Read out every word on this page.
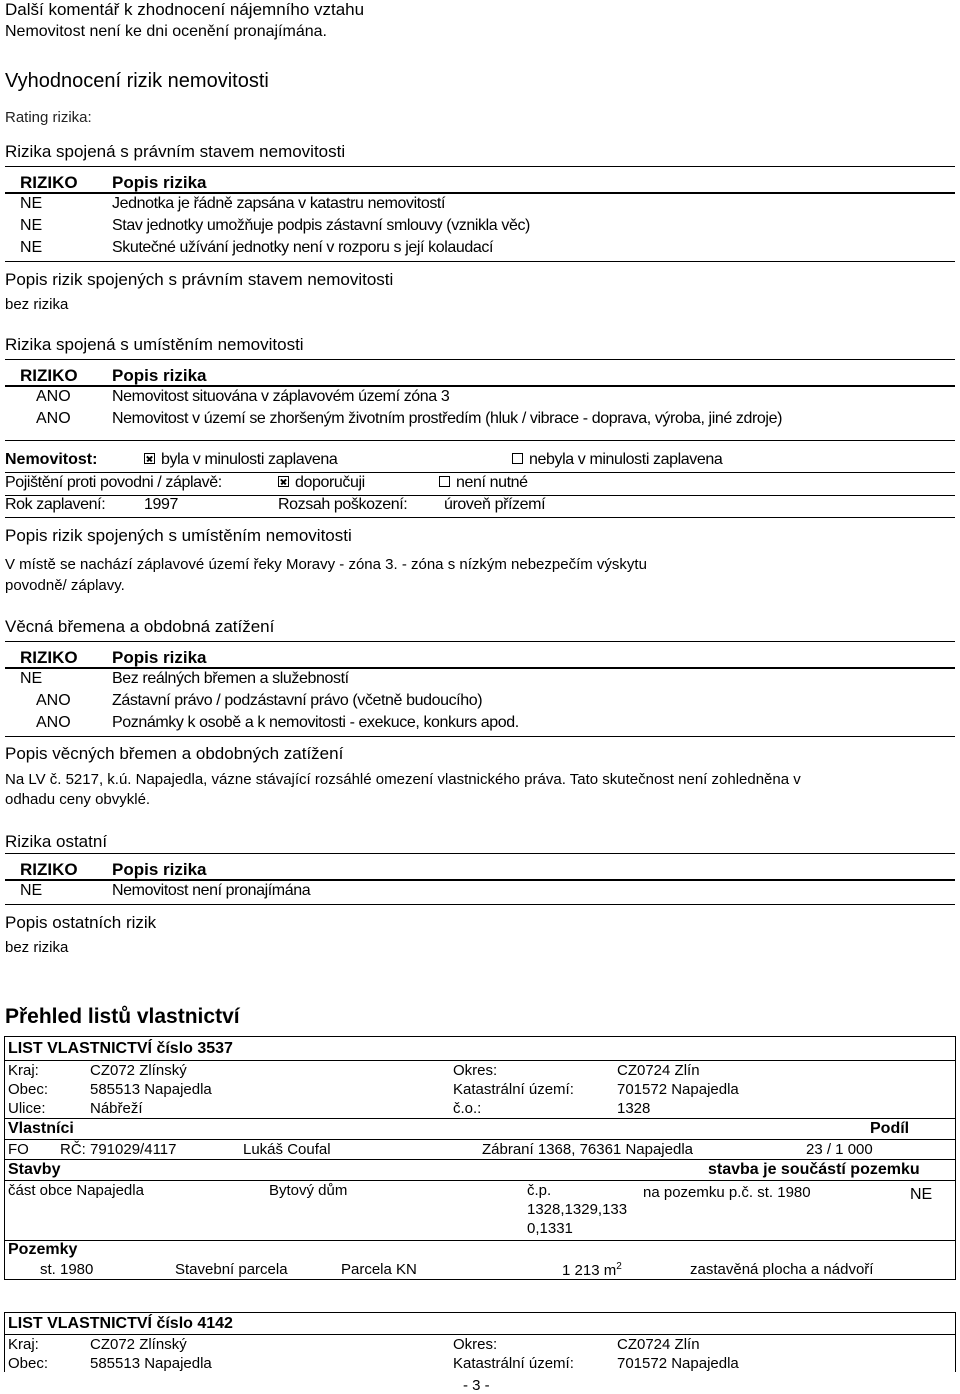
Další komentář k zhodnocení nájemního vztahu
Nemovitost není ke dni ocenění pronajímána.
Vyhodnocení rizik nemovitosti
Rating rizika:
Rizika spojená s právním stavem nemovitosti
RIZIKO Popis rizika
NE	Jednotka je řádně zapsána v katastru nemovitostí
NE	Stav jednotky umožňuje podpis zástavní smlouvy (vznikla věc)
NE	Skutečné užívání jednotky není v rozporu s její kolaudací
Popis rizik spojených s právním stavem nemovitosti
bez rizika
Rizika spojená s umístěním nemovitosti
RIZIKO Popis rizika
ANO	Nemovitost situována v záplavovém území zóna 3
ANO	Nemovitost v území se zhoršeným životním prostředím (hluk / vibrace - doprava, výroba, jiné zdroje)
Nemovitost:	byla v minulosti zaplavena	nebyla v minulosti zaplavena
Pojištění proti povodni / záplavě:	doporučuji	není nutné
Rok zaplavení: 1997	Rozsah poškození: úroveň přízemí
Popis rizik spojených s umístěním nemovitosti
V místě se nachází záplavové území řeky Moravy - zóna 3. - zóna s nízkým nebezpečím výskytu
povodně/ záplavy.
Věcná břemena a obdobná zatížení
RIZIKO Popis rizika
NE	Bez reálných břemen a služebností
ANO	Zástavní právo / podzástavní právo (včetně budoucího)
ANO	Poznámky k osobě a k nemovitosti - exekuce, konkurs apod.
Popis věcných břemen a obdobných zatížení
Na LV č. 5217, k.ú. Napajedla, vázne stávající rozsáhlé omezení vlastnického práva. Tato skutečnost není zohledněna v
odhadu ceny obvyklé.
Rizika ostatní
RIZIKO Popis rizika
NE	Nemovitost není pronajímána
Popis ostatních rizik
bez rizika
Přehled listů vlastnictví
LIST VLASTNICTVÍ číslo 3537
Kraj:	CZ072 Zlínský	Okres:	CZ0724 Zlín
Obec:	585513 Napajedla	Katastrální území:	701572 Napajedla
Ulice:	Nábřeží	č.o.:	1328
Vlastníci	Podíl
FO RČ: 791029/4117	Lukáš Coufal	Zábraní 1368, 76361 Napajedla	23 / 1 000
Stavby	stavba je součástí pozemku
část obce Napajedla	Bytový dům	č.p.
1328,1329,133
0,1331
na pozemku p.č. st. 1980	NE
Pozemky
st. 1980	Stavební parcela	Parcela KN	1 213 $m^2$	zastavěná plocha a nádvoří
LIST VLASTNICTVÍ číslo 4142
Kraj:	CZ072 Zlínský	Okres:	CZ0724 Zlín
Obec:	585513 Napajedla	Katastrální území:	701572 Napajedla
- 3 -
